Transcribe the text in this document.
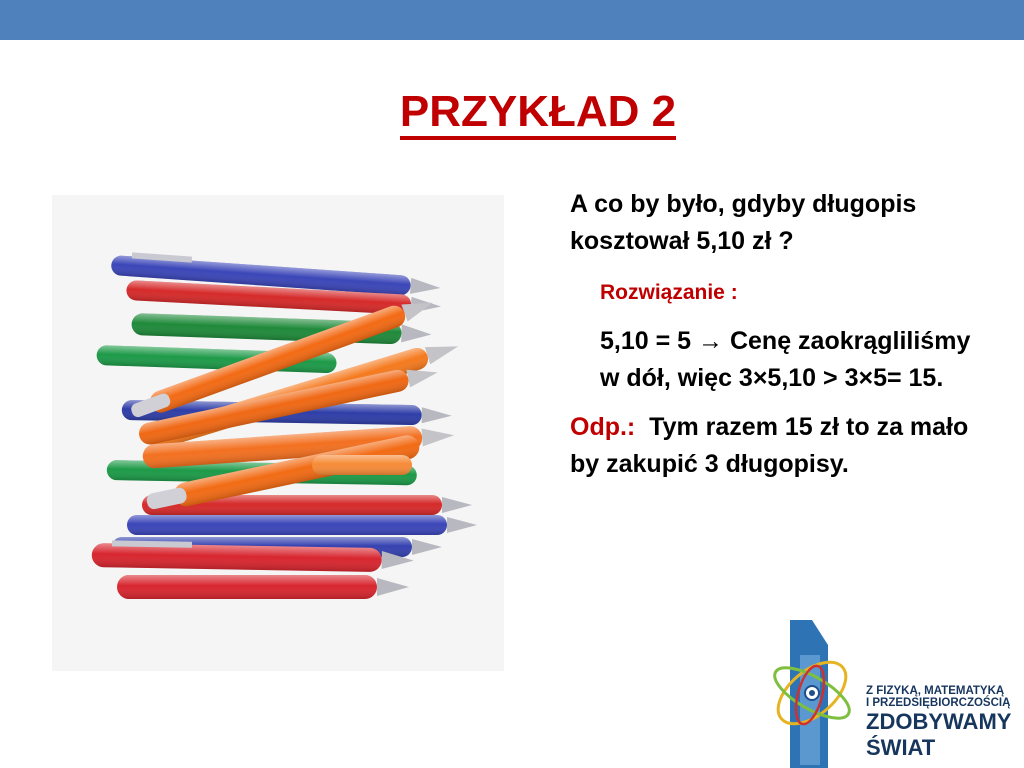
PRZYKŁAD 2

A co by było, gdyby długopis kosztował 5,10 zł ?

Rozwiązanie :

5,10 = 5 → Cenę zaokrągliliśmy w dół, więc 3×5,10 > 3×5= 15.

Odp.: Tym razem 15 zł to za mało by zakupić 3 długopisy.

Z FIZYKĄ, MATEMATYKĄ
I PRZEDSIĘBIORCZOŚCIĄ
ZDOBYWAMY
ŚWIAT
